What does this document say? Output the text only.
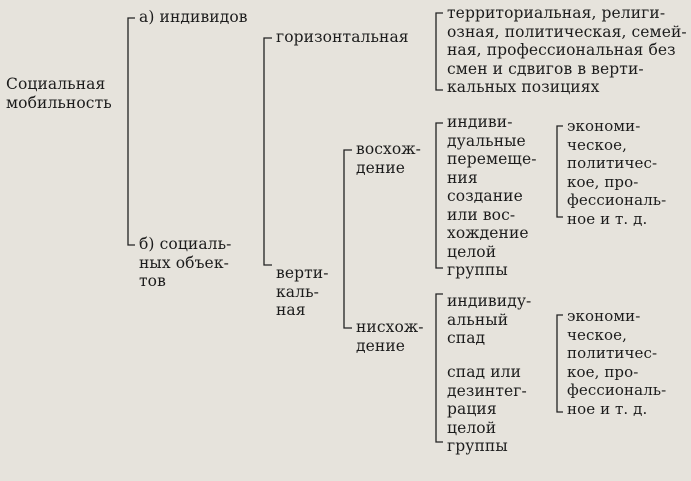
Социальная
мобильность
а) индивидов
б) социаль-
ных объек-
тов
горизонтальная
верти-
каль-
ная
восхож-
дение
нисхож-
дение
территориальная, религи-
озная, политическая, семей-
ная, профессиональная без
смен и сдвигов в верти-
кальных позициях
индиви-
дуальные
перемеще-
ния
создание
или вос-
хождение
целой
группы
экономи-
ческое,
политичес-
кое, про-
фессиональ-
ное и т. д.
индивиду-
альный
спад
спад или
дезинтег-
рация
целой
группы
экономи-
ческое,
политичес-
кое, про-
фессиональ-
ное и т. д.
